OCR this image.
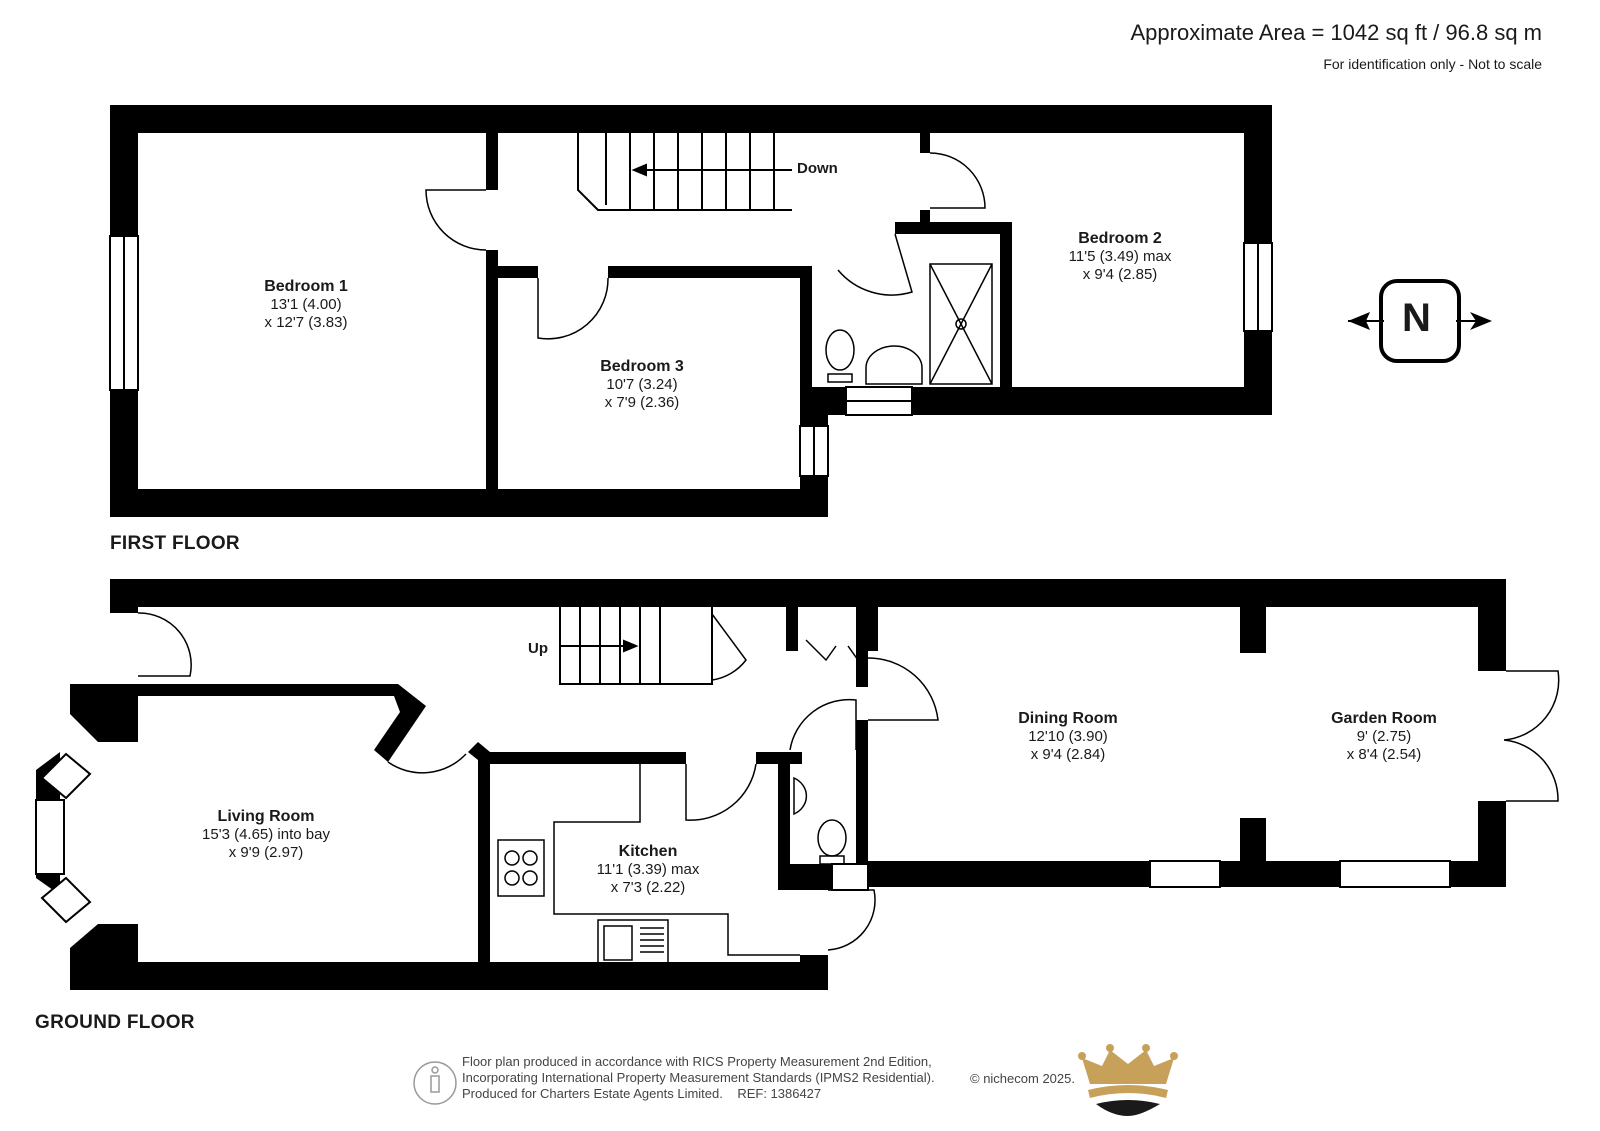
Approximate Area = 1042 sq ft / 96.8 sq m
For identification only - Not to scale
FIRST FLOOR
GROUND FLOOR
Down
Up
Bedroom 1
13'1 (4.00)
x 12'7 (3.83)
Bedroom 2
11'5 (3.49) max
x 9'4 (2.85)
Bedroom 3
10'7 (3.24)
x 7'9 (2.36)
Living Room
15'3 (4.65) into bay
x 9'9 (2.97)	Kitchen
11'1 (3.39) max
x 7'3 (2.22)
Dining Room
12'10 (3.90)
x 9'4 (2.84)
Garden Room
9' (2.75)
x 8'4 (2.54)
N
Floor plan produced in accordance with RICS Property Measurement 2nd Edition,
Incorporating International Property Measurement Standards (IPMS2 Residential).
Produced for Charters Estate Agents Limited. REF: 1386427
© nichecom 2025.
